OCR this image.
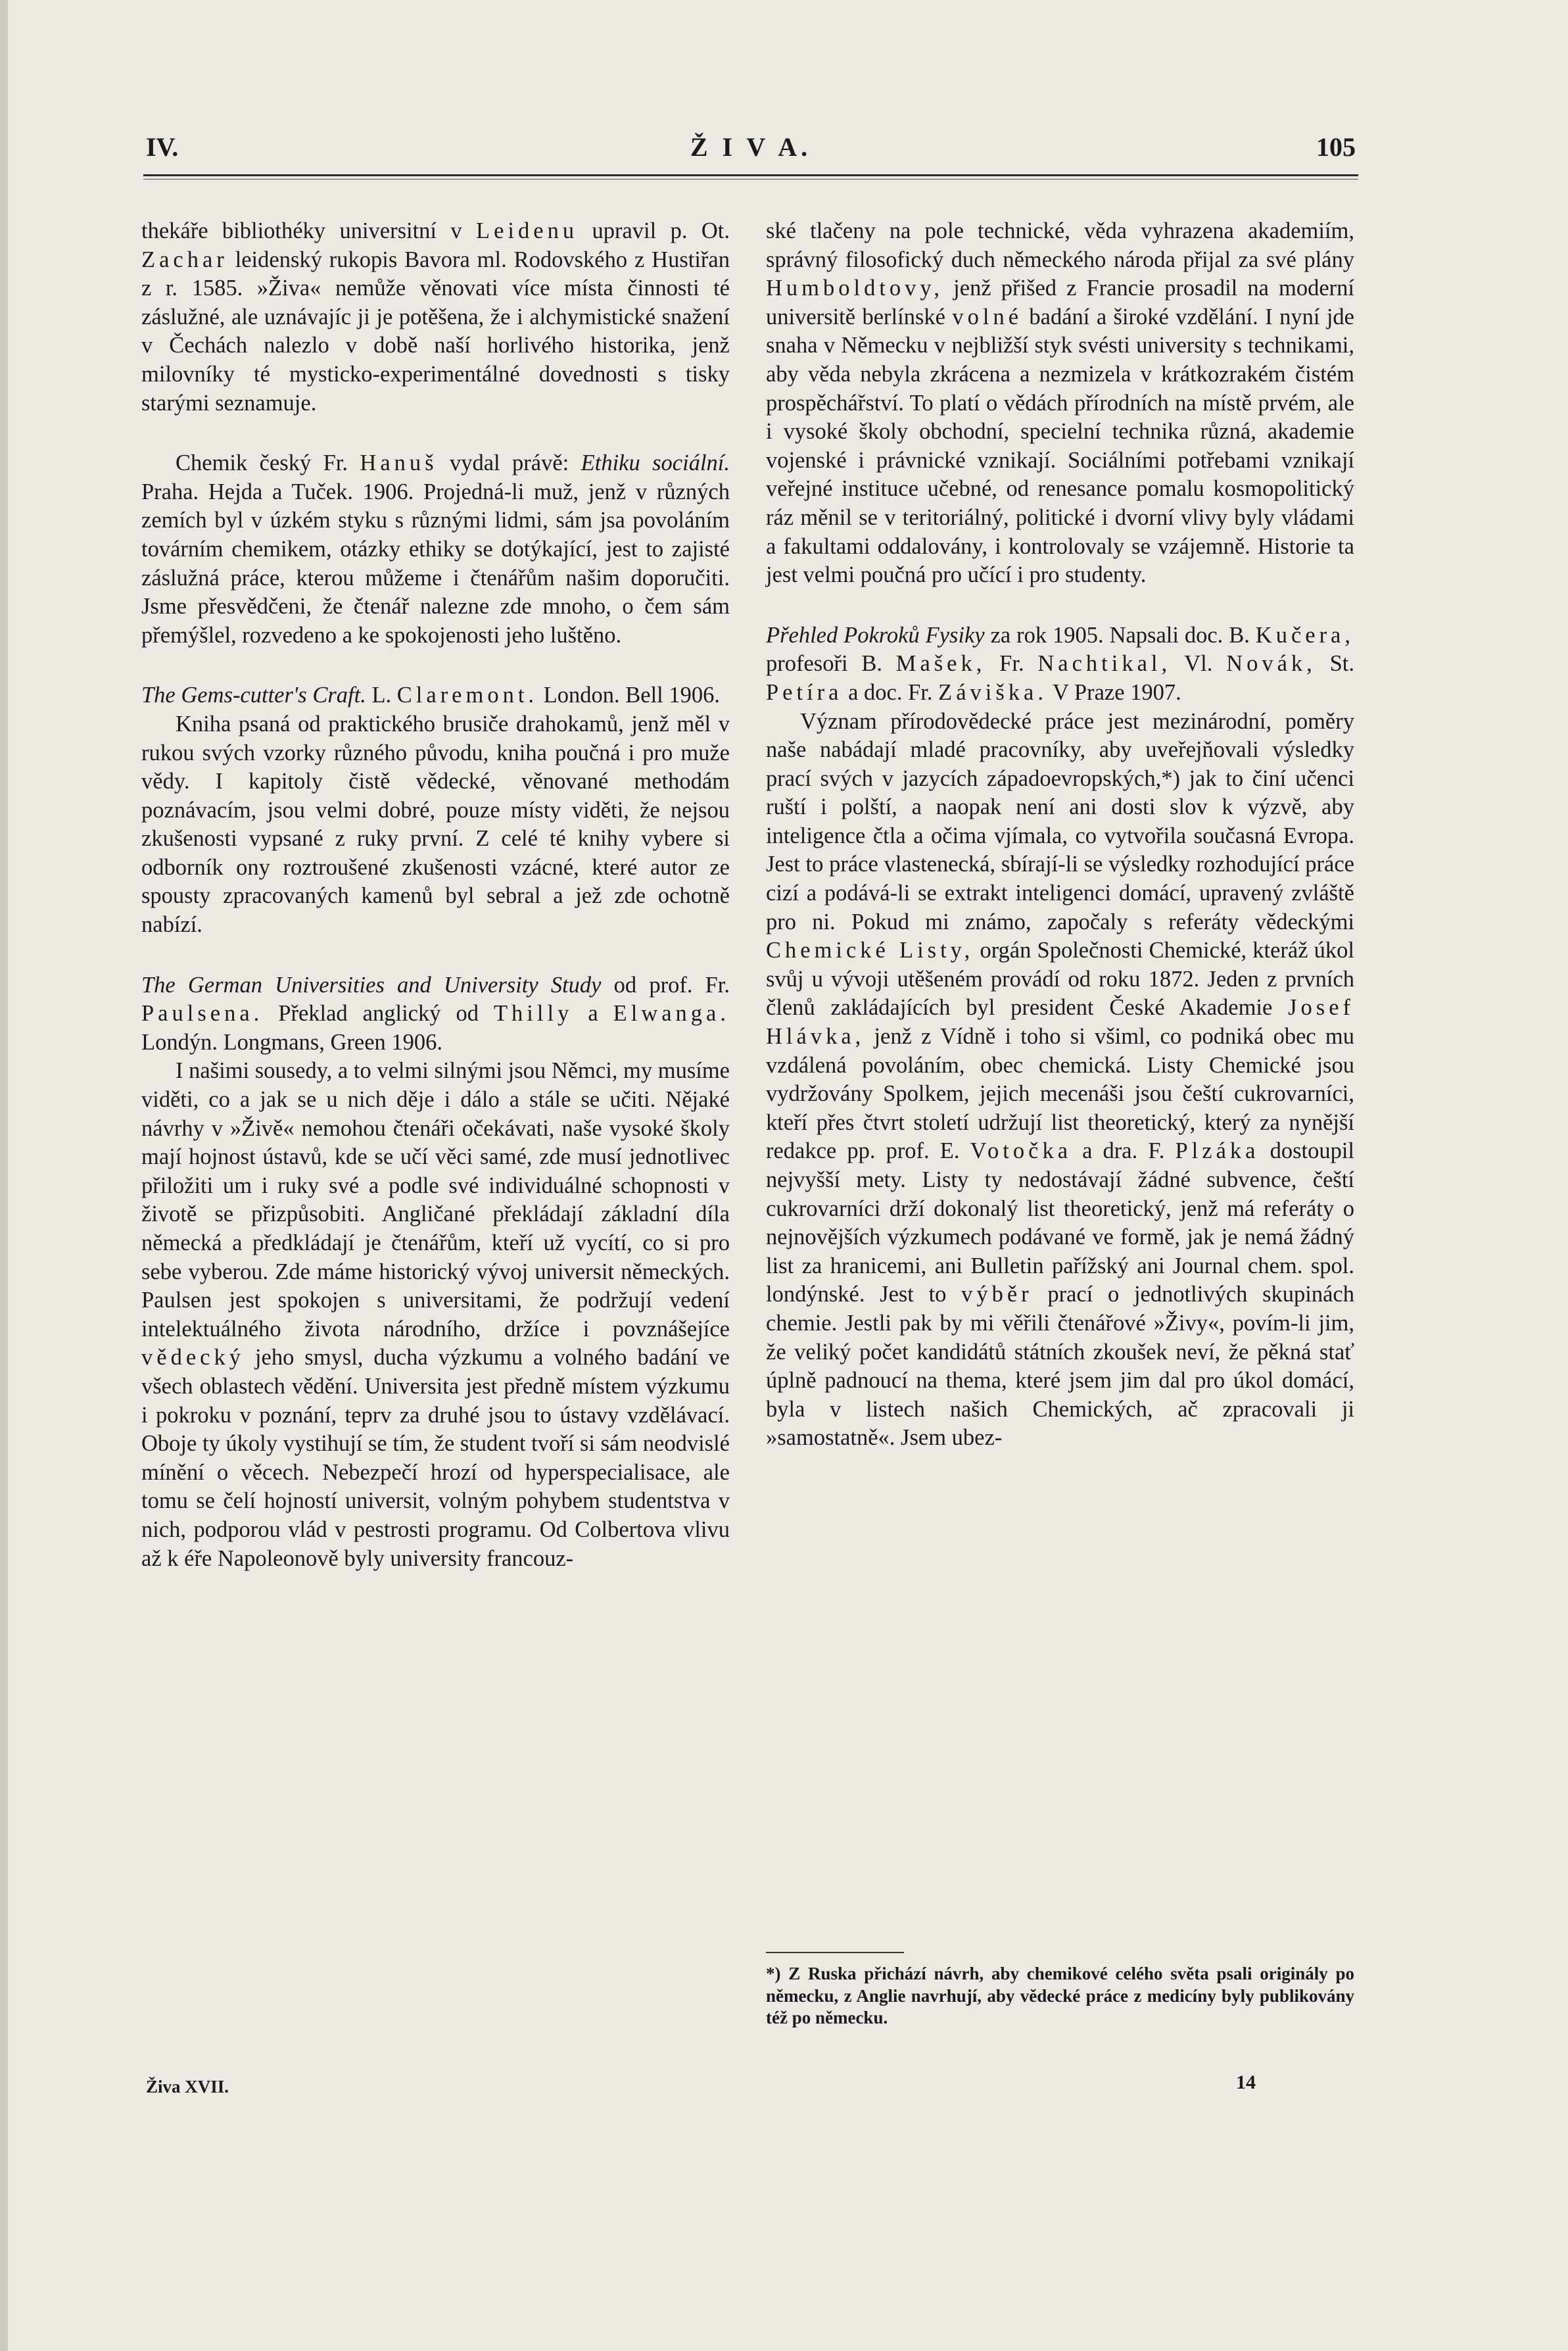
IV.	Ž I V A.	105

thekáře bibliothéky universitní v Leidenu upravil p. Ot. Zachar leidenský rukopis Bavora ml. Rodovského z Hustiřan z r. 1585. »Živa« nemůže věnovati více místa činnosti té záslužné, ale uznávajíc ji je potěšena, že i alchymistické snažení v Čechách nalezlo v době naší horlivého historika, jenž milovníky té mysticko-experimentálné dovednosti s tisky starými seznamuje.

Chemik český Fr. Hanuš vydal právě: Ethiku sociální. Praha. Hejda a Tuček. 1906. Projedná-li muž, jenž v různých zemích byl v úzkém styku s různými lidmi, sám jsa povoláním továrním chemikem, otázky ethiky se dotýkající, jest to zajisté záslužná práce, kterou můžeme i čtenářům našim doporučiti. Jsme přesvědčeni, že čtenář nalezne zde mnoho, o čem sám přemýšlel, rozvedeno a ke spokojenosti jeho luštěno.

The Gems-cutter's Craft. L. Claremont. London. Bell 1906.

Kniha psaná od praktického brusiče drahokamů, jenž měl v rukou svých vzorky různého původu, kniha poučná i pro muže vědy. I kapitoly čistě vědecké, věnované methodám poznávacím, jsou velmi dobré, pouze místy viděti, že nejsou zkušenosti vypsané z ruky první. Z celé té knihy vybere si odborník ony roztroušené zkušenosti vzácné, které autor ze spousty zpracovaných kamenů byl sebral a jež zde ochotně nabízí.

The German Universities and University Study od prof. Fr. Paulsena. Překlad anglický od Thilly a Elwanga. Londýn. Longmans, Green 1906.

I našimi sousedy, a to velmi silnými jsou Němci, my musíme viděti, co a jak se u nich děje i dálo a stále se učiti. Nějaké návrhy v »Živě« nemohou čtenáři očekávati, naše vysoké školy mají hojnost ústavů, kde se učí věci samé, zde musí jednotlivec přiložiti um i ruky své a podle své individuálné schopnosti v životě se přizpůsobiti. Angličané překládají základní díla německá a předkládají je čtenářům, kteří už vycítí, co si pro sebe vyberou. Zde máme historický vývoj universit německých. Paulsen jest spokojen s universitami, že podržují vedení intelektuálného života národního, držíce i povznášejíce vědecký jeho smysl, ducha výzkumu a volného badání ve všech oblastech vědění. Universita jest předně místem výzkumu i pokroku v poznání, teprv za druhé jsou to ústavy vzdělávací. Oboje ty úkoly vystihují se tím, že student tvoří si sám neodvislé mínění o věcech. Nebezpečí hrozí od hyperspecialisace, ale tomu se čelí hojností universit, volným pohybem studentstva v nich, podporou vlád v pestrosti programu. Od Colbertova vlivu až k éře Napoleonově byly university francouz-

ské tlačeny na pole technické, věda vyhrazena akademiím, správný filosofický duch německého národa přijal za své plány Humboldtovy, jenž přišed z Francie prosadil na moderní universitě berlínské volné badání a široké vzdělání. I nyní jde snaha v Německu v nejbližší styk svésti university s technikami, aby věda nebyla zkrácena a nezmizela v krátkozrakém čistém prospěchářství. To platí o vědách přírodních na místě prvém, ale i vysoké školy obchodní, specielní technika různá, akademie vojenské i právnické vznikají. Sociálními potřebami vznikají veřejné instituce učebné, od renesance pomalu kosmopolitický ráz měnil se v teritoriálný, politické i dvorní vlivy byly vládami a fakultami oddalovány, i kontrolovaly se vzájemně. Historie ta jest velmi poučná pro učící i pro studenty.

Přehled Pokroků Fysiky za rok 1905. Napsali doc. B. Kučera, profesoři B. Mašek, Fr. Nachtikal, Vl. Novák, St. Petíra a doc. Fr. Záviška. V Praze 1907.

Význam přírodovědecké práce jest mezinárodní, poměry naše nabádají mladé pracovníky, aby uveřejňovali výsledky prací svých v jazycích západoevropských,*) jak to činí učenci ruští i polští, a naopak není ani dosti slov k výzvě, aby inteligence čtla a očima vjímala, co vytvořila současná Evropa. Jest to práce vlastenecká, sbírají-li se výsledky rozhodující práce cizí a podává-li se extrakt inteligenci domácí, upravený zvláště pro ni. Pokud mi známo, započaly s referáty vědeckými Chemické Listy, orgán Společnosti Chemické, kteráž úkol svůj u vývoji utěšeném provádí od roku 1872. Jeden z prvních členů zakládajících byl president České Akademie Josef Hlávka, jenž z Vídně i toho si všiml, co podniká obec mu vzdálená povoláním, obec chemická. Listy Chemické jsou vydržovány Spolkem, jejich mecenáši jsou čeští cukrovarníci, kteří přes čtvrt století udržují list theoretický, který za nynější redakce pp. prof. E. Votočka a dra. F. Plzáka dostoupil nejvyšší mety. Listy ty nedostávají žádné subvence, čeští cukrovarníci drží dokonalý list theoretický, jenž má referáty o nejnovějších výzkumech podávané ve formě, jak je nemá žádný list za hranicemi, ani Bulletin pařížský ani Journal chem. spol. londýnské. Jest to výběr prací o jednotlivých skupinách chemie. Jestli pak by mi věřili čtenářové »Živy«, povím-li jim, že veliký počet kandidátů státních zkoušek neví, že pěkná stať úplně padnoucí na thema, které jsem jim dal pro úkol domácí, byla v listech našich Chemických, ač zpracovali ji »samostatně«. Jsem ubez-

*) Z Ruska přichází návrh, aby chemikové celého světa psali originály po německu, z Anglie navrhují, aby vědecké práce z medicíny byly publikovány též po německu.
Živa XVII.	14
